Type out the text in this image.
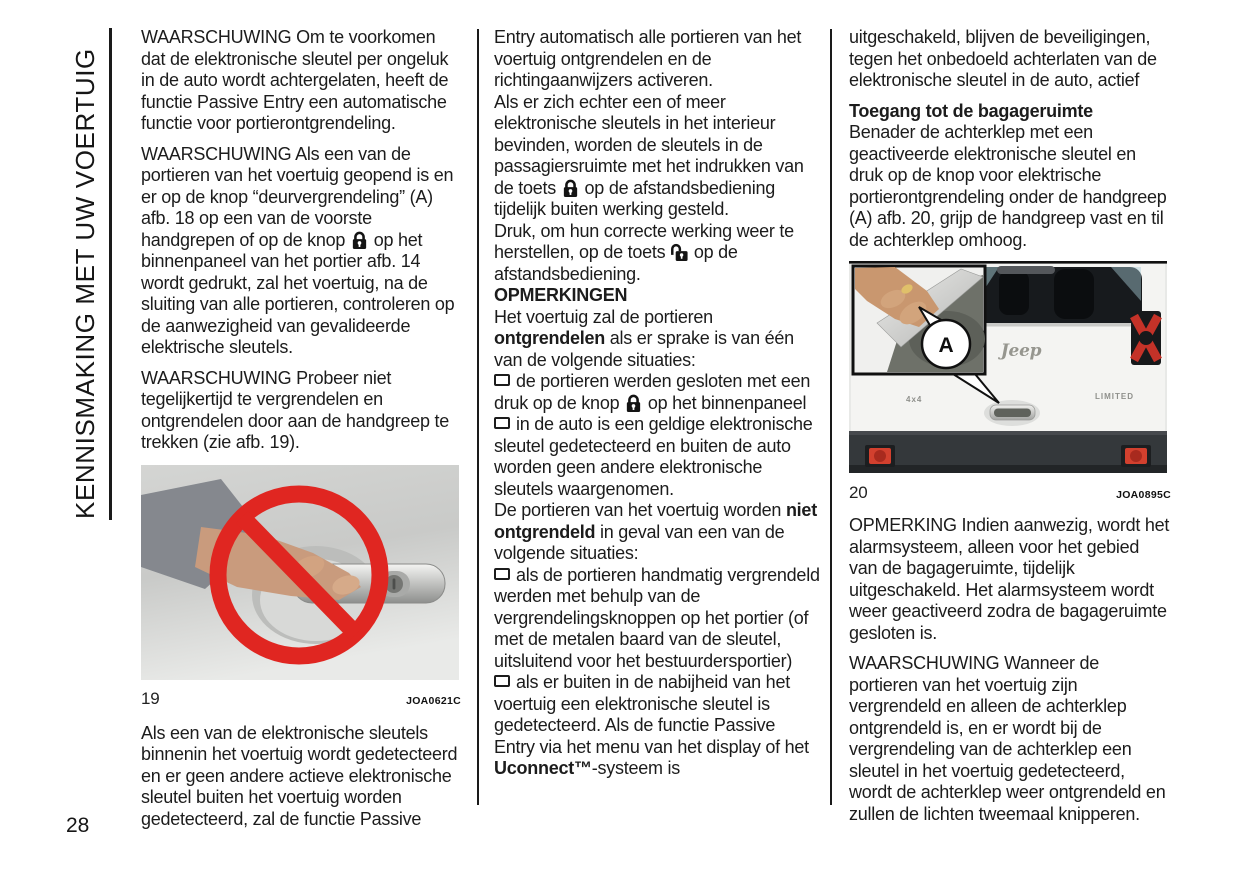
KENNISMAKING MET UW VOERTUIG

WAARSCHUWING Om te voorkomen dat de elektronische sleutel per ongeluk in de auto wordt achtergelaten, heeft de functie Passive Entry een automatische functie voor portierontgrendeling.

WAARSCHUWING Als een van de portieren van het voertuig geopend is en er op de knop “deurvergrendeling” (A) afb. 18 op een van de voorste handgrepen of op de knop  op het binnenpaneel van het portier afb. 14 wordt gedrukt, zal het voertuig, na de sluiting van alle portieren, controleren op de aanwezigheid van gevalideerde elektrische sleutels.

WAARSCHUWING Probeer niet tegelijkertijd te vergrendelen en ontgrendelen door aan de handgreep te trekken (zie afb. 19).

19	JOA0621C

Als een van de elektronische sleutels binnenin het voertuig wordt gedetecteerd en er geen andere actieve elektronische sleutel buiten het voertuig worden gedetecteerd, zal de functie Passive

Entry automatisch alle portieren van het voertuig ontgrendelen en de richtingaanwijzers activeren.

Als er zich echter een of meer elektronische sleutels in het interieur bevinden, worden de sleutels in de passagiersruimte met het indrukken van de toets  op de afstandsbediening tijdelijk buiten werking gesteld.

Druk, om hun correcte werking weer te herstellen, op de toets  op de afstandsbediening.

OPMERKINGEN

Het voertuig zal de portieren ontgrendelen als er sprake is van één van de volgende situaties:

de portieren werden gesloten met een druk op de knop  op het binnenpaneel

in de auto is een geldige elektronische sleutel gedetecteerd en buiten de auto worden geen andere elektronische sleutels waargenomen.

De portieren van het voertuig worden niet ontgrendeld in geval van een van de volgende situaties:

als de portieren handmatig vergrendeld werden met behulp van de vergrendelingsknoppen op het portier (of met de metalen baard van de sleutel, uitsluitend voor het bestuurdersportier)

als er buiten in de nabijheid van het voertuig een elektronische sleutel is gedetecteerd. Als de functie Passive Entry via het menu van het display of het Uconnect™-systeem is

uitgeschakeld, blijven de beveiligingen, tegen het onbedoeld achterlaten van de elektronische sleutel in de auto, actief

Toegang tot de bagageruimte

Benader de achterklep met een geactiveerde elektronische sleutel en druk op de knop voor elektrische portierontgrendeling onder de handgreep (A) afb. 20, grijp de handgreep vast en til de achterklep omhoog.

Jeep
4x4	LIMITED
A
20	JOA0895C

OPMERKING Indien aanwezig, wordt het alarmsysteem, alleen voor het gebied van de bagageruimte, tijdelijk uitgeschakeld. Het alarmsysteem wordt weer geactiveerd zodra de bagageruimte gesloten is.

WAARSCHUWING Wanneer de portieren van het voertuig zijn vergrendeld en alleen de achterklep ontgrendeld is, en er wordt bij de vergrendeling van de achterklep een sleutel in het voertuig gedetecteerd, wordt de achterklep weer ontgrendeld en zullen de lichten tweemaal knipperen.

28
